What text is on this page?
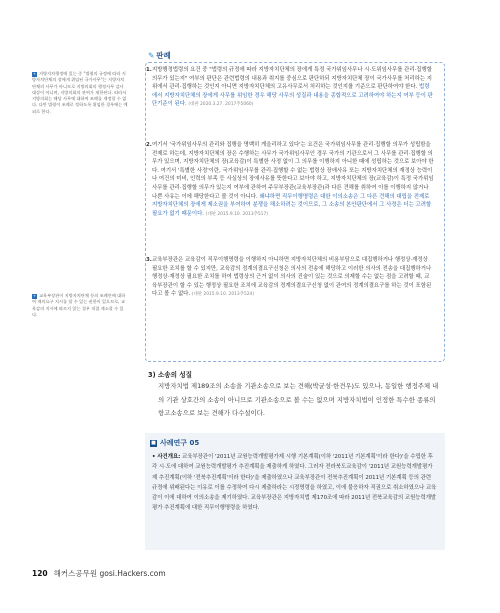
+ 지방자치행정에 있는 중 "법령의 규정에 따라 지방자치단체의 장에게 위임된 국가사무"는 지방자치단체의 사무가 아니므로 지방의회의 행정사무 감사 대상이 아니며, 지방의회의 관여가 제한된다. 따라서 지방의회는 해당 사무에 대하여 조례를 제정할 수 없다. 다만 법령이 조례로 정하도록 위임한 경우에는 예외로 한다.
+ 교육부장관이 지방자치단체 등의 조례안에 대하여 재의요구 지시를 할 수 있는 권한이 있으므로, 교육감의 지시에 따르지 않는 경우 직접 제소할 수 있다.
✎ 판례
1. 지방행정법령의 요건 중 "법령의 규정에 따라 지방자치단체의 장에게 특정 국가위임사무나 시·도위임사무를 관리·집행할 의무가 있는지" 여부의 판단은 관련법령의 내용과 취지를 중심으로 판단하되 지방자치단체 장이 국가사무를 처리하는 지위에서 관리·집행하는 것인지 아니면 지방자치단체의 고유사무로서 처리하는 것인지를 기준으로 판단하여야 한다. 법령에서 지방자치단체의 장에게 사무를 위임한 경우 해당 사무의 성질과 내용을 종합적으로 고려하여야 하는지 여부 등이 판단기준이 된다. (대판 2020.3.27. 2017추5060)
2. 여기서 '국가위임사무의 관리와 집행을 명백히 게을리하고 있다'는 요건은 국가위임사무를 관리·집행할 의무가 성립함을 전제로 하는데, 지방자치단체의 장은 수행하는 사무가 국가위임사무인 경우 국가의 기관으로서 그 사무를 관리·집행할 의무가 있으며, 지방자치단체의 장(교육감)이 특별한 사정 없이 그 의무를 이행하지 아니한 때에 성립하는 것으로 보아야 한다. 여기서 '특별한 사정'이란, 국가위임사무를 관리·집행할 수 없는 법령상 장애사유 또는 지방자치단체의 재정상 능력이나 여건의 미비, 인력의 부족 등 사실상의 장애사유를 뜻한다고 보아야 하고, 지방자치단체의 장(교육감)이 특정 국가위임사무를 관리·집행할 의무가 있는지 여부에 관하여 주무부장관(교육부장관)과 다른 견해를 취하여 이를 이행하지 않거나 나쁜 사유는 이에 해당한다고 볼 것이 아니다. 왜냐하면 직무이행명령은 대한 이의소송은 그 다른 견해의 대립을 전제로 지방자치단체의 장에게 제소권을 부여하여 분쟁을 해소하려는 것이므로, 그 소송의 본안판단에서 그 사정은 더는 고려할 필요가 없기 때문이다. (대판 2015.9.10. 2013추517)
3. 교육부장관은 교육감이 직무이행명령을 이행하지 아니하면 지방자치단체의 비용부담으로 대집행하거나 행정상·재정상 필요한 조치를 할 수 있지만, 교육감의 정계의결요구신청은 의사의 전송에 해당하고 이러한 의사의 전송을 대집행하거나 행정상·재정상 필요한 조치를 하여 법령상의 근거 없이 의사의 진술이 있는 것으로 의제할 수는 없는 점을 고려할 때, 교육부장관이 할 수 있는 행정상 필요한 조치에 교육감의 정계의결요구신청 없이 관여의 정계의결요구를 하는 것이 포함된다고 볼 수 없다. (대판 2015.9.10. 2013추524)
3) 소송의 성질
지방자치법 제189조의 소송을 기관소송으로 보는 견해(박균성·한견우)도 있으나, 동일한 행정주체 내의 기관 상호간의 소송이 아니므로 기관소송으로 볼 수는 없으며 지방자치법이 인정한 특수한 종류의 항고소송으로 보는 견해가 다수설이다.
■ 사례연구 05
• 사건개요: 교육부장관이 '2011년 교원능력개발평가제 시행 기본계획(이하 '2011년 기본계획'이라 한다)'을 수립한 후 각 시·도에 대하여 교원능력개발평가 추진계획을 제출하게 하였다. 그러자 전라북도교육감이 '2011년 교원능력개발평가제 추진계획(이하 '전북추진계획'이라 한다)'을 제출하였으나 교육부장관이 전북추진계획이 2011년 기본계획 등의 관련 규정에 위배된다는 이유로 이를 수정하여 다시 제출하라는 시정명령을 하였고, 이에 불응하자 직권으로 취소하였으나 교육감이 이에 대하여 이의소송을 제기하였다. 교육부장관은 지방자치법 제170조에 따라 2011년 전북교육감의 교원능력개발평가 추진계획에 대한 직무이행명령을 하였다.
120 해커스공무원 gosi.Hackers.com
